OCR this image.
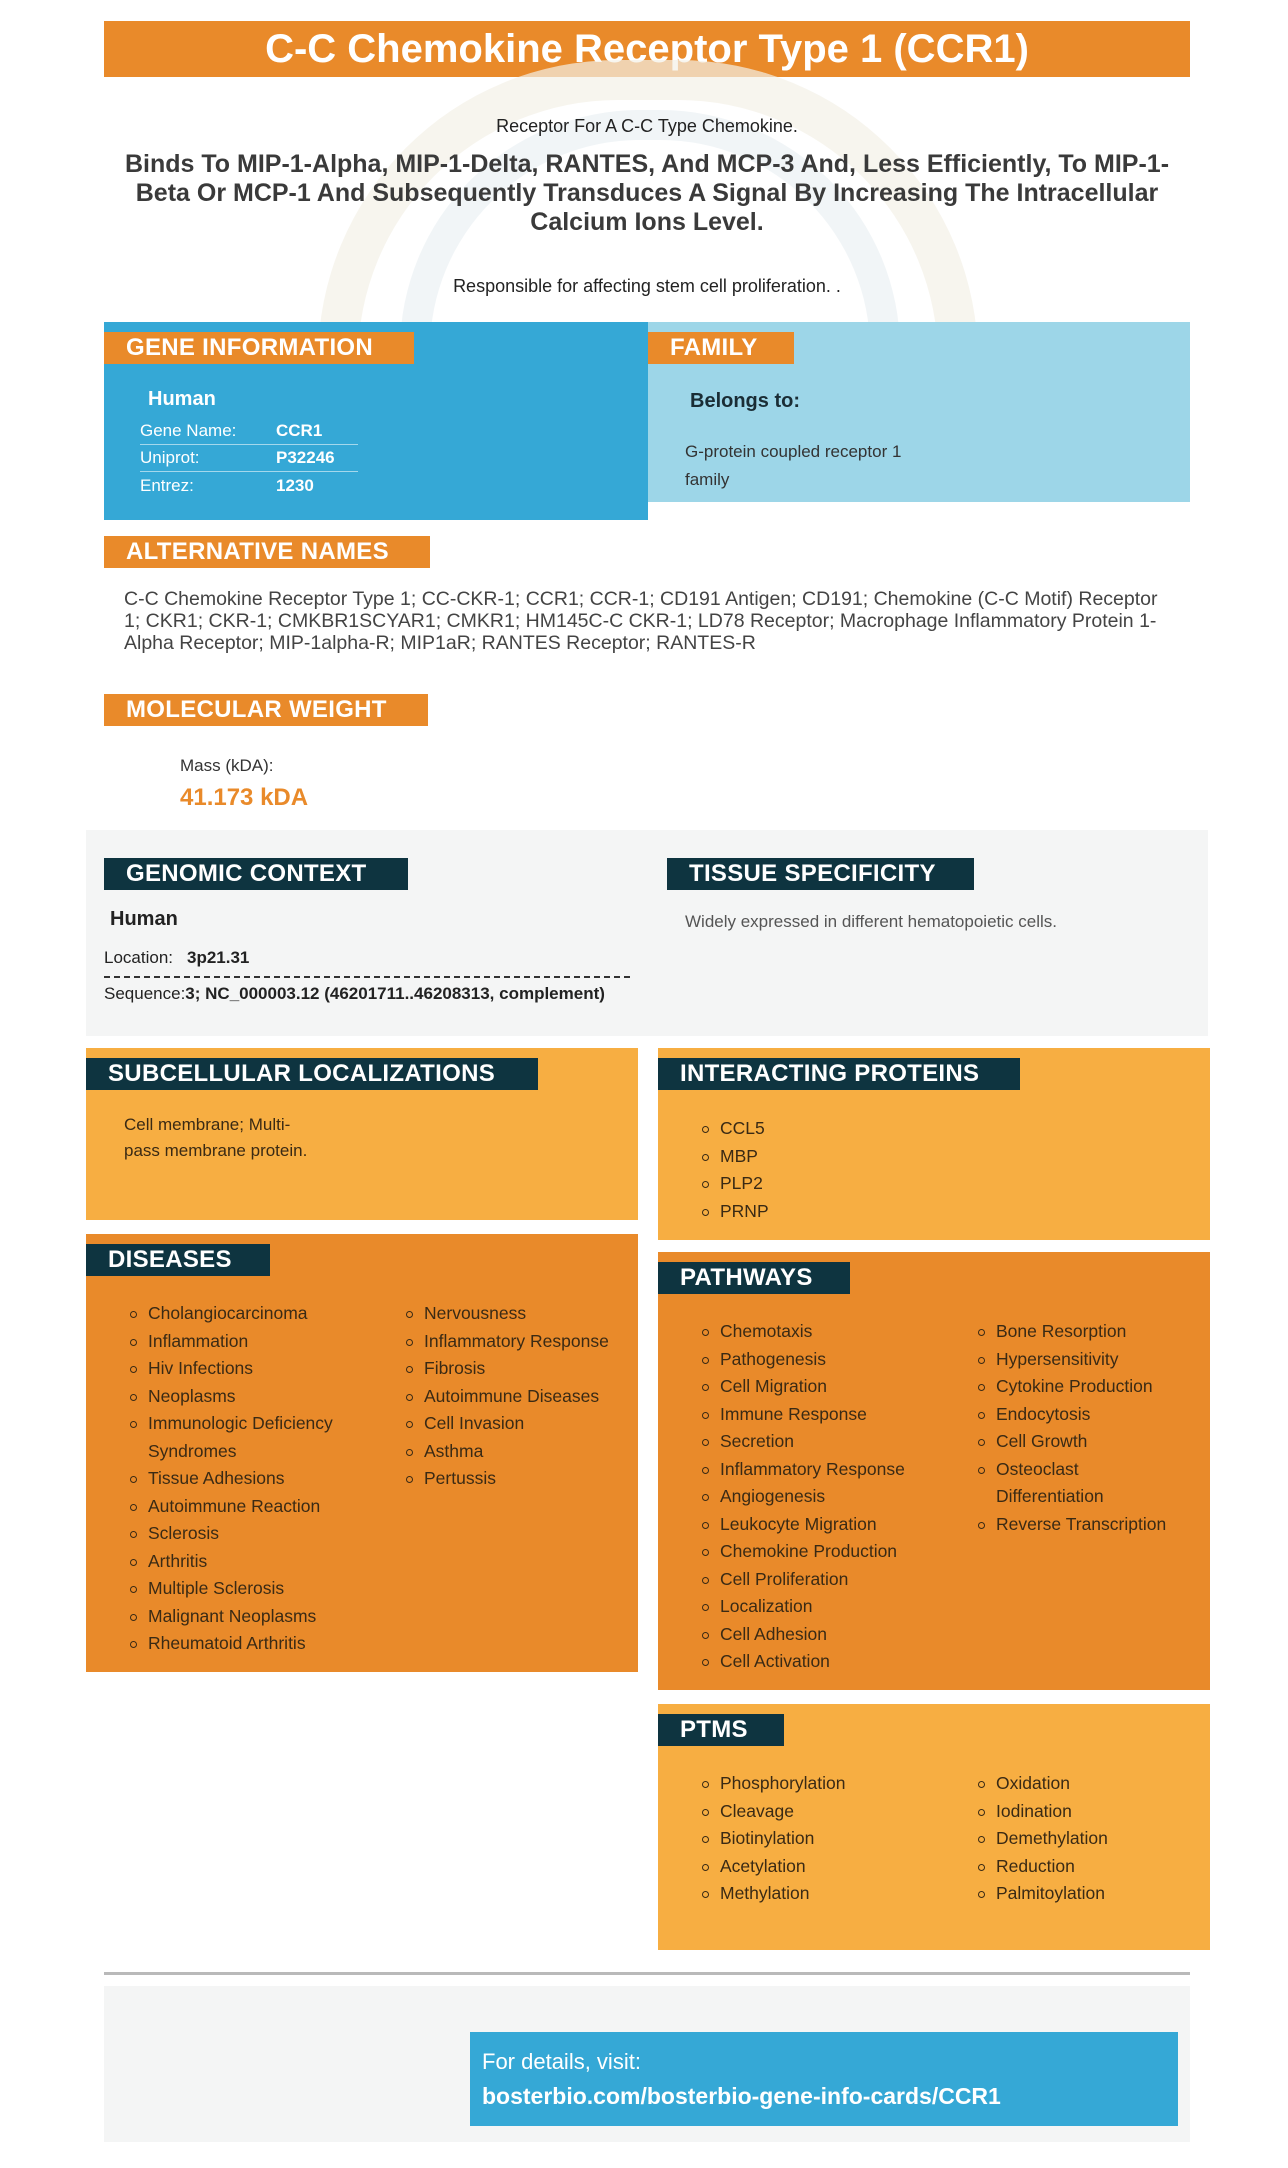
C-C Chemokine Receptor Type 1 (CCR1)
Receptor For A C-C Type Chemokine.
Binds To MIP-1-Alpha, MIP-1-Delta, RANTES, And MCP-3 And, Less Efficiently, To MIP-1- Beta Or MCP-1 And Subsequently Transduces A Signal By Increasing The Intracellular Calcium Ions Level.
Responsible for affecting stem cell proliferation. .
GENE INFORMATION
Human
Gene Name:	CCR1
Uniprot:	P32246
Entrez:	1230
FAMILY
Belongs to:
G-protein coupled receptor 1 family
ALTERNATIVE NAMES
C-C Chemokine Receptor Type 1; CC-CKR-1; CCR1; CCR-1; CD191 Antigen; CD191; Chemokine (C-C Motif) Receptor 1; CKR1; CKR-1; CMKBR1SCYAR1; CMKR1; HM145C-C CKR-1; LD78 Receptor; Macrophage Inflammatory Protein 1-Alpha Receptor; MIP-1alpha-R; MIP1aR; RANTES Receptor; RANTES-R
MOLECULAR WEIGHT
Mass (kDA):
41.173 kDA
GENOMIC CONTEXT
Human
Location: 3p21.31
Sequence:3; NC_000003.12 (46201711..46208313, complement)
TISSUE SPECIFICITY
Widely expressed in different hematopoietic cells.
SUBCELLULAR LOCALIZATIONS
Cell membrane; Multi-pass membrane protein.
INTERACTING PROTEINS
CCL5
MBP
PLP2
PRNP
DISEASES
Cholangiocarcinoma
Inflammation
Hiv Infections
Neoplasms
Immunologic Deficiency Syndromes
Tissue Adhesions
Autoimmune Reaction
Sclerosis
Arthritis
Multiple Sclerosis
Malignant Neoplasms
Rheumatoid Arthritis
Nervousness
Inflammatory Response
Fibrosis
Autoimmune Diseases
Cell Invasion
Asthma
Pertussis
PATHWAYS
Chemotaxis
Pathogenesis
Cell Migration
Immune Response
Secretion
Inflammatory Response
Angiogenesis
Leukocyte Migration
Chemokine Production
Cell Proliferation
Localization
Cell Adhesion
Cell Activation
Bone Resorption
Hypersensitivity
Cytokine Production
Endocytosis
Cell Growth
Osteoclast Differentiation
Reverse Transcription
PTMS
Phosphorylation
Cleavage
Biotinylation
Acetylation
Methylation
Oxidation
Iodination
Demethylation
Reduction
Palmitoylation
For details, visit:
bosterbio.com/bosterbio-gene-info-cards/CCR1
